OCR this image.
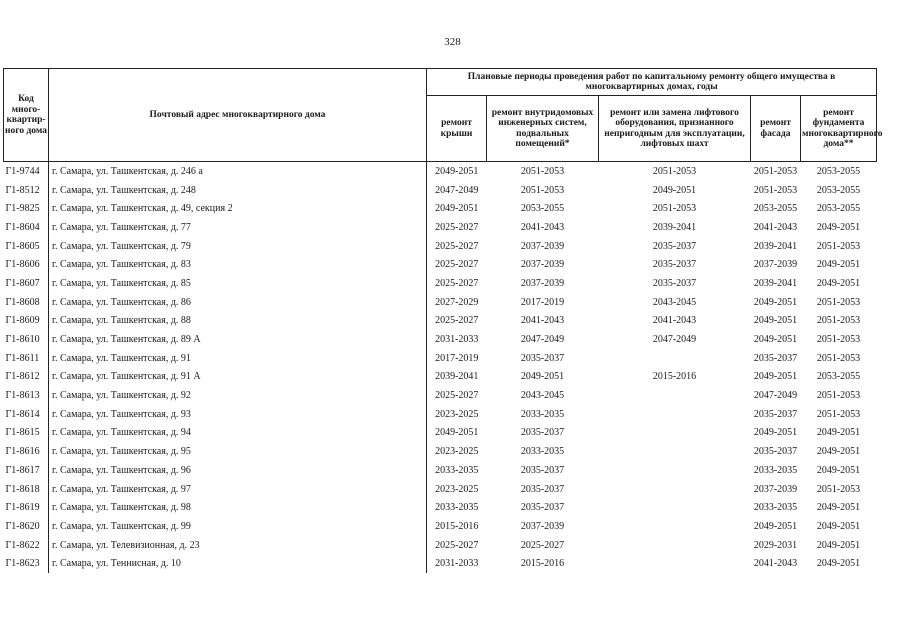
328
Код много-квартир-ного дома	Почтовый адрес многоквартирного дома	Плановые периоды проведения работ по капитальному ремонту общего имущества в многоквартирных домах, годы				
		ремонт крыши	ремонт внутридомовых инженерных систем, подвальных помещений*	ремонт или замена лифтового оборудования, признанного непригодным для эксплуатации, лифтовых шахт	ремонт фасада	ремонт фундамента многоквартирного дома**
Г1-9744	г. Самара, ул. Ташкентская, д. 246 а	2049-2051	2051-2053	2051-2053	2051-2053	2053-2055
Г1-8512	г. Самара, ул. Ташкентская, д. 248	2047-2049	2051-2053	2049-2051	2051-2053	2053-2055
Г1-9825	г. Самара, ул. Ташкентская, д. 49, секция 2	2049-2051	2053-2055	2051-2053	2053-2055	2053-2055
Г1-8604	г. Самара, ул. Ташкентская, д. 77	2025-2027	2041-2043	2039-2041	2041-2043	2049-2051
Г1-8605	г. Самара, ул. Ташкентская, д. 79	2025-2027	2037-2039	2035-2037	2039-2041	2051-2053
Г1-8606	г. Самара, ул. Ташкентская, д. 83	2025-2027	2037-2039	2035-2037	2037-2039	2049-2051
Г1-8607	г. Самара, ул. Ташкентская, д. 85	2025-2027	2037-2039	2035-2037	2039-2041	2049-2051
Г1-8608	г. Самара, ул. Ташкентская, д. 86	2027-2029	2017-2019	2043-2045	2049-2051	2051-2053
Г1-8609	г. Самара, ул. Ташкентская, д. 88	2025-2027	2041-2043	2041-2043	2049-2051	2051-2053
Г1-8610	г. Самара, ул. Ташкентская, д. 89 А	2031-2033	2047-2049	2047-2049	2049-2051	2051-2053
Г1-8611	г. Самара, ул. Ташкентская, д. 91	2017-2019	2035-2037		2035-2037	2051-2053
Г1-8612	г. Самара, ул. Ташкентская, д. 91 А	2039-2041	2049-2051	2015-2016	2049-2051	2053-2055
Г1-8613	г. Самара, ул. Ташкентская, д. 92	2025-2027	2043-2045		2047-2049	2051-2053
Г1-8614	г. Самара, ул. Ташкентская, д. 93	2023-2025	2033-2035		2035-2037	2051-2053
Г1-8615	г. Самара, ул. Ташкентская, д. 94	2049-2051	2035-2037		2049-2051	2049-2051
Г1-8616	г. Самара, ул. Ташкентская, д. 95	2023-2025	2033-2035		2035-2037	2049-2051
Г1-8617	г. Самара, ул. Ташкентская, д. 96	2033-2035	2035-2037		2033-2035	2049-2051
Г1-8618	г. Самара, ул. Ташкентская, д. 97	2023-2025	2035-2037		2037-2039	2051-2053
Г1-8619	г. Самара, ул. Ташкентская, д. 98	2033-2035	2035-2037		2033-2035	2049-2051
Г1-8620	г. Самара, ул. Ташкентская, д. 99	2015-2016	2037-2039		2049-2051	2049-2051
Г1-8622	г. Самара, ул. Телевизионная, д. 23	2025-2027	2025-2027		2029-2031	2049-2051
Г1-8623	г. Самара, ул. Теннисная, д. 10	2031-2033	2015-2016		2041-2043	2049-2051
